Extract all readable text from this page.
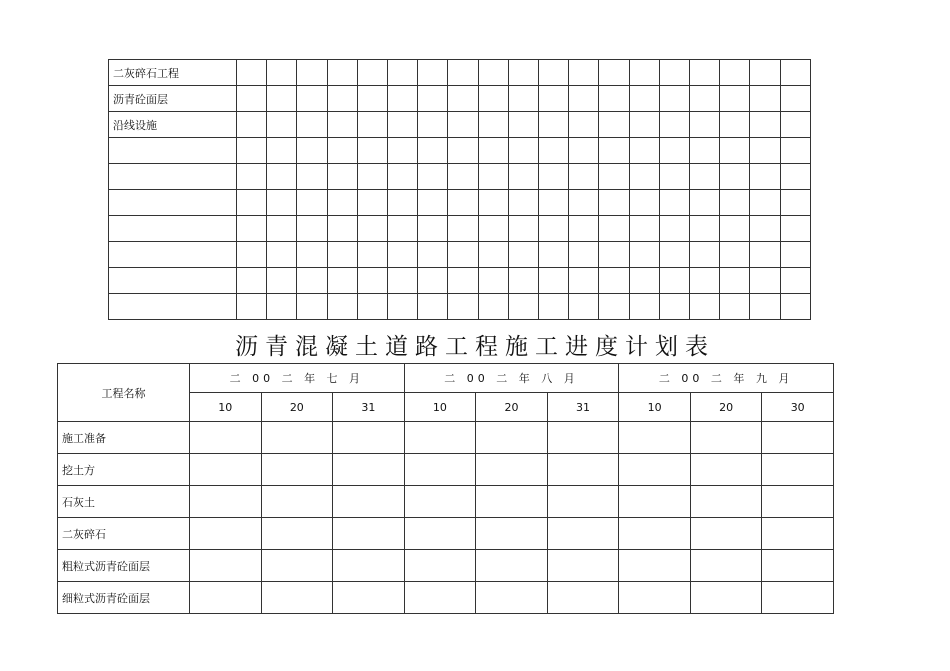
二灰碎石工程																			
沥青砼面层																			
沿线设施																			

沥青混凝土道路工程施工进度计划表
工程名称	二 00 二 年 七 月			二 00 二 年 八 月			二 00 二 年 九 月		
	10	20	31	10	20	31	10	20	30
施工准备									
挖土方									
石灰土									
二灰碎石									
粗粒式沥青砼面层									
细粒式沥青砼面层									
